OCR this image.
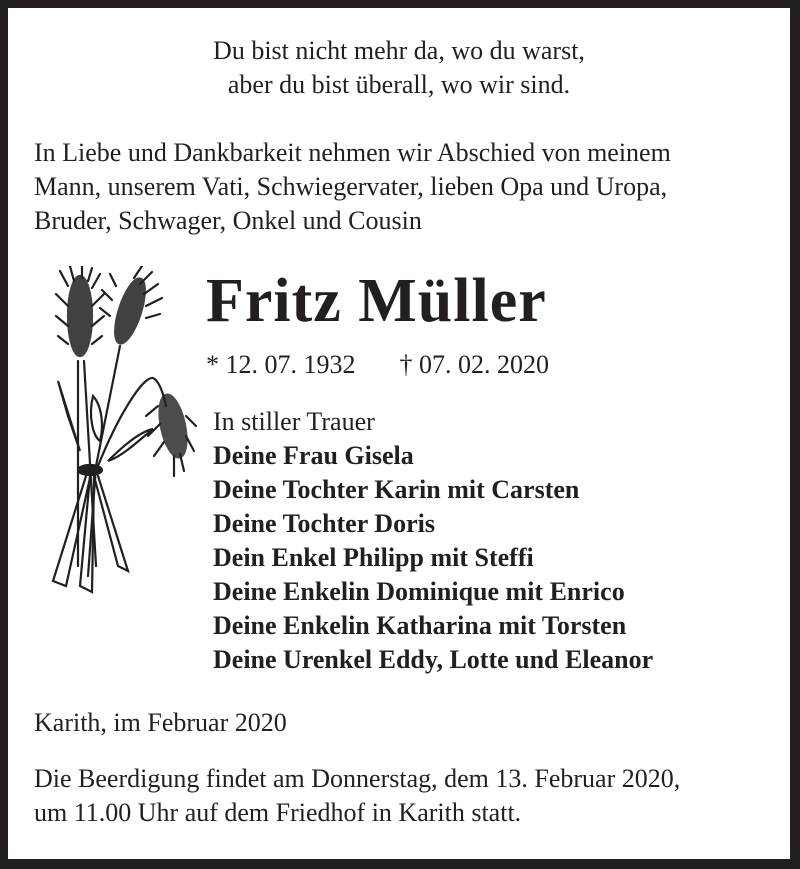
Du bist nicht mehr da, wo du warst,
aber du bist überall, wo wir sind.
In Liebe und Dankbarkeit nehmen wir Abschied von meinem
Mann, unserem Vati, Schwiegervater, lieben Opa und Uropa,
Bruder, Schwager, Onkel und Cousin
Fritz Müller
* 12. 07. 1932 † 07. 02. 2020
In stiller Trauer
Deine Frau Gisela
Deine Tochter Karin mit Carsten
Deine Tochter Doris
Dein Enkel Philipp mit Steffi
Deine Enkelin Dominique mit Enrico
Deine Enkelin Katharina mit Torsten
Deine Urenkel Eddy, Lotte und Eleanor
Karith, im Februar 2020
Die Beerdigung findet am Donnerstag, dem 13. Februar 2020,
um 11.00 Uhr auf dem Friedhof in Karith statt.
